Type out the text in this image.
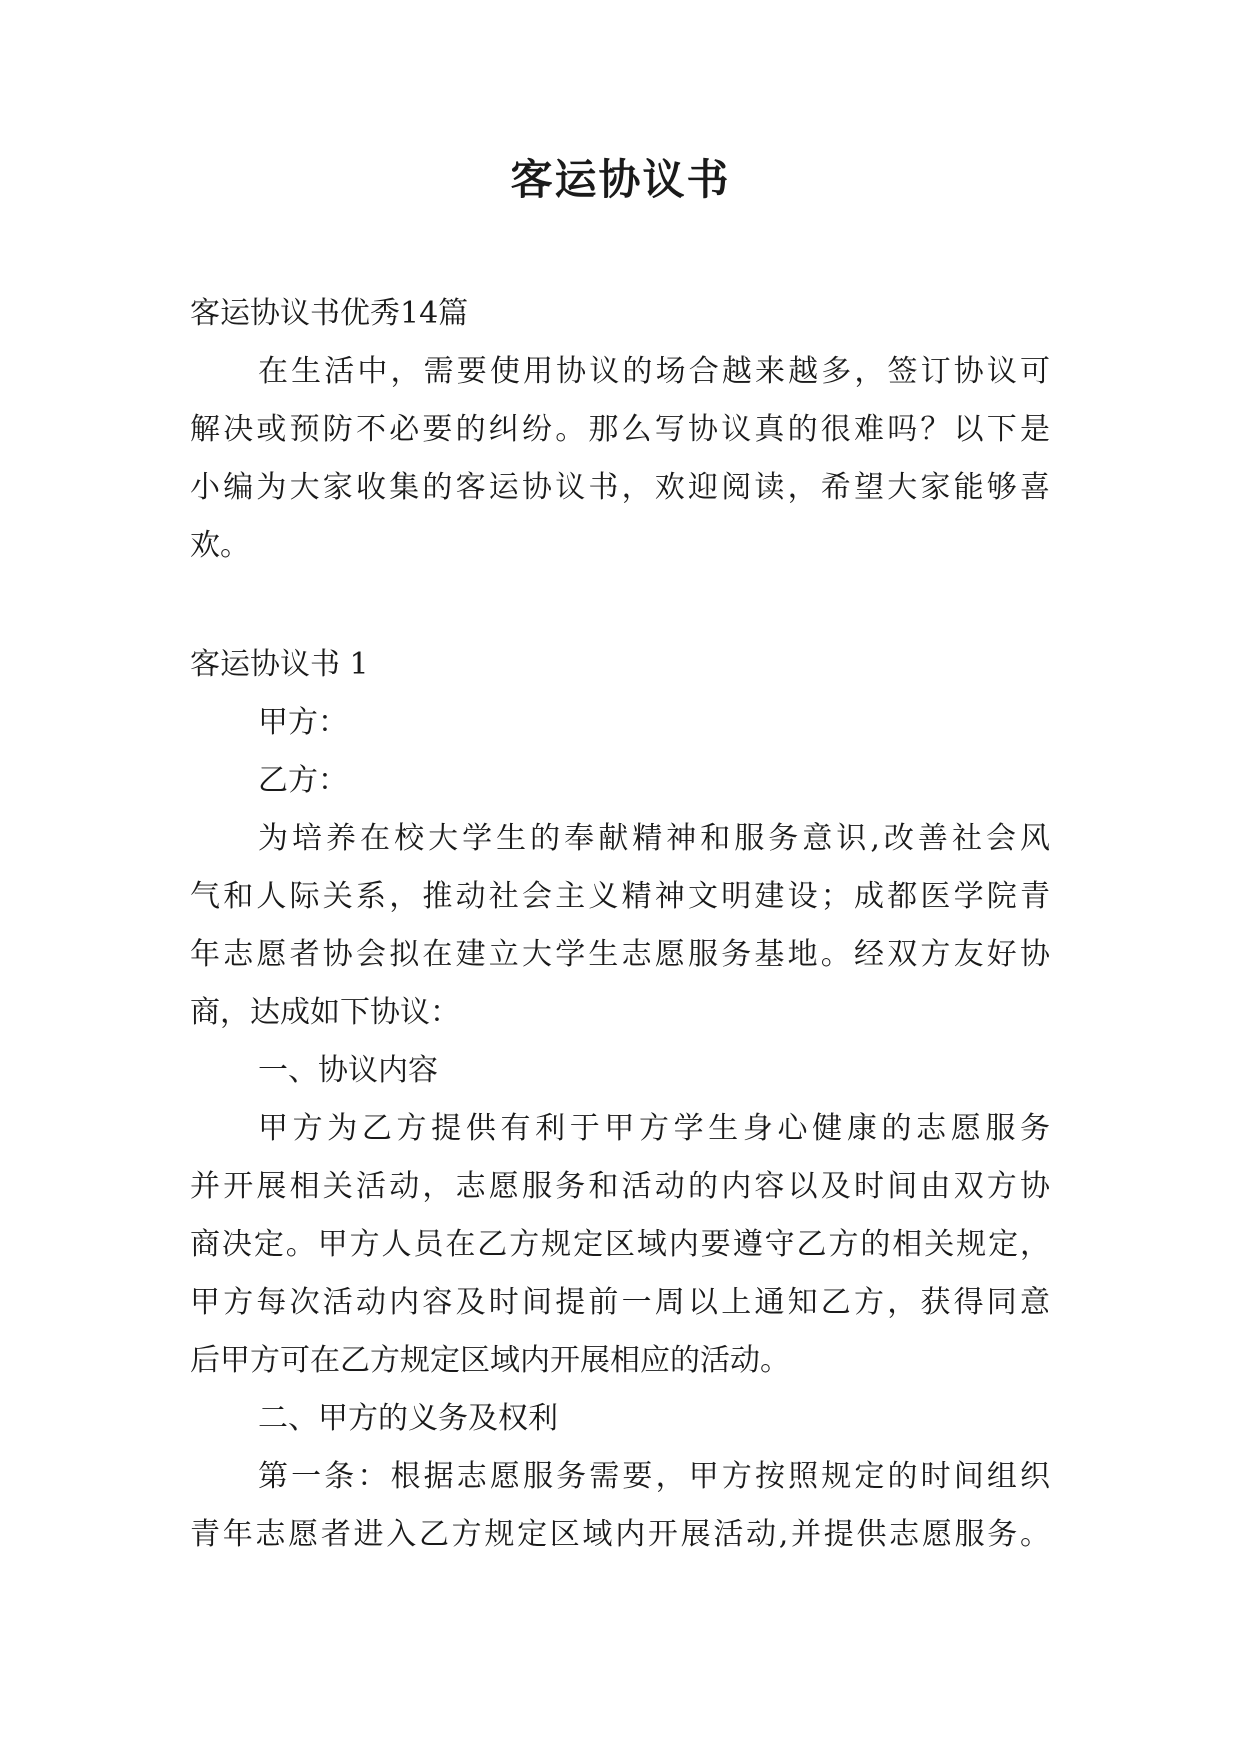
客运协议书
客运协议书优秀14篇
在生活中，需要使用协议的场合越来越多，签订协议可
解决或预防不必要的纠纷。那么写协议真的很难吗？以下是
小编为大家收集的客运协议书，欢迎阅读，希望大家能够喜
欢。
客运协议书 1
甲方：
乙方：
为培养在校大学生的奉献精神和服务意识,改善社会风
气和人际关系，推动社会主义精神文明建设；成都医学院青
年志愿者协会拟在建立大学生志愿服务基地。经双方友好协
商，达成如下协议：
一、协议内容
甲方为乙方提供有利于甲方学生身心健康的志愿服务
并开展相关活动，志愿服务和活动的内容以及时间由双方协
商决定。甲方人员在乙方规定区域内要遵守乙方的相关规定，
甲方每次活动内容及时间提前一周以上通知乙方，获得同意
后甲方可在乙方规定区域内开展相应的活动。
二、甲方的义务及权利
第一条：根据志愿服务需要，甲方按照规定的时间组织
青年志愿者进入乙方规定区域内开展活动,并提供志愿服务。
